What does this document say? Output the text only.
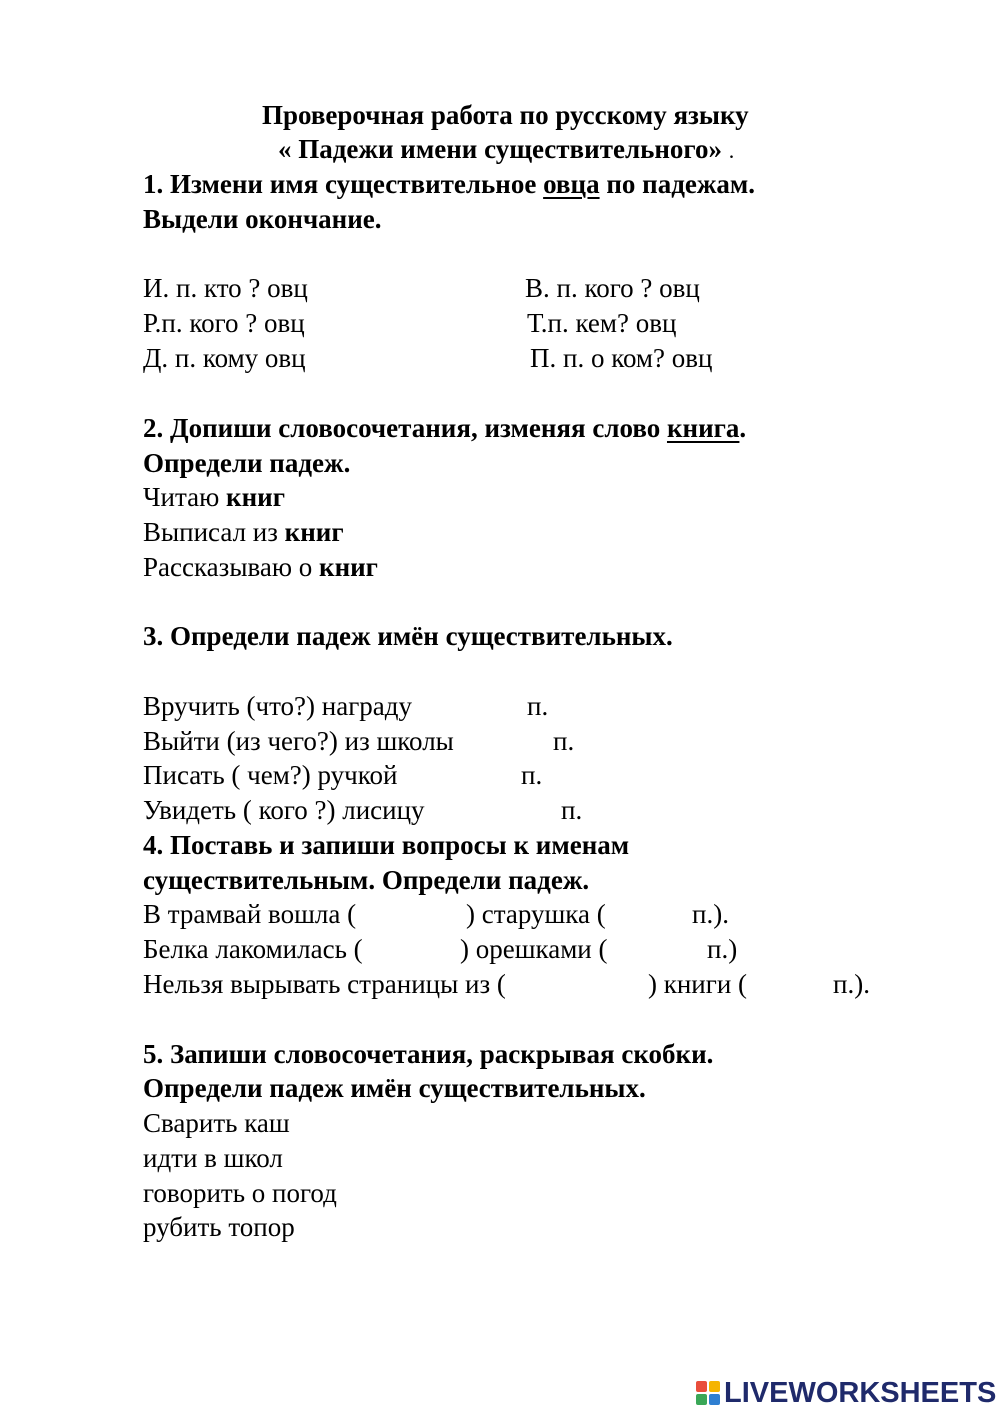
Проверочная работа по русскому языку
« Падежи имени существительного» .
1. Измени имя существительное овца по падежам.
Выдели окончание.
И. п. кто ? овц
Р.п. кого ? овц
Д. п. кому овц
В. п. кого ? овц
Т.п. кем? овц
П. п. о ком? овц
2. Допиши словосочетания, изменяя слово книга.
Определи падеж.
Читаю книг
Выписал из книг
Рассказываю о книг
3. Определи падеж имён существительных.
Вручить (что?) награду	п.
Выйти (из чего?) из школы	п.
Писать ( чем?) ручкой	п.
Увидеть ( кого ?) лисицу	п.
4. Поставь и запиши вопросы к именам
существительным. Определи падеж.
В трамвай вошла (	) старушка (	п.).
Белка лакомилась (	) орешками (	п.)
Нельзя вырывать страницы из (	) книги (	п.).
5. Запиши словосочетания, раскрывая скобки.
Определи падеж имён существительных.
Сварить каш
идти в школ
говорить о погод
рубить топор
LIVEWORKSHEETS
